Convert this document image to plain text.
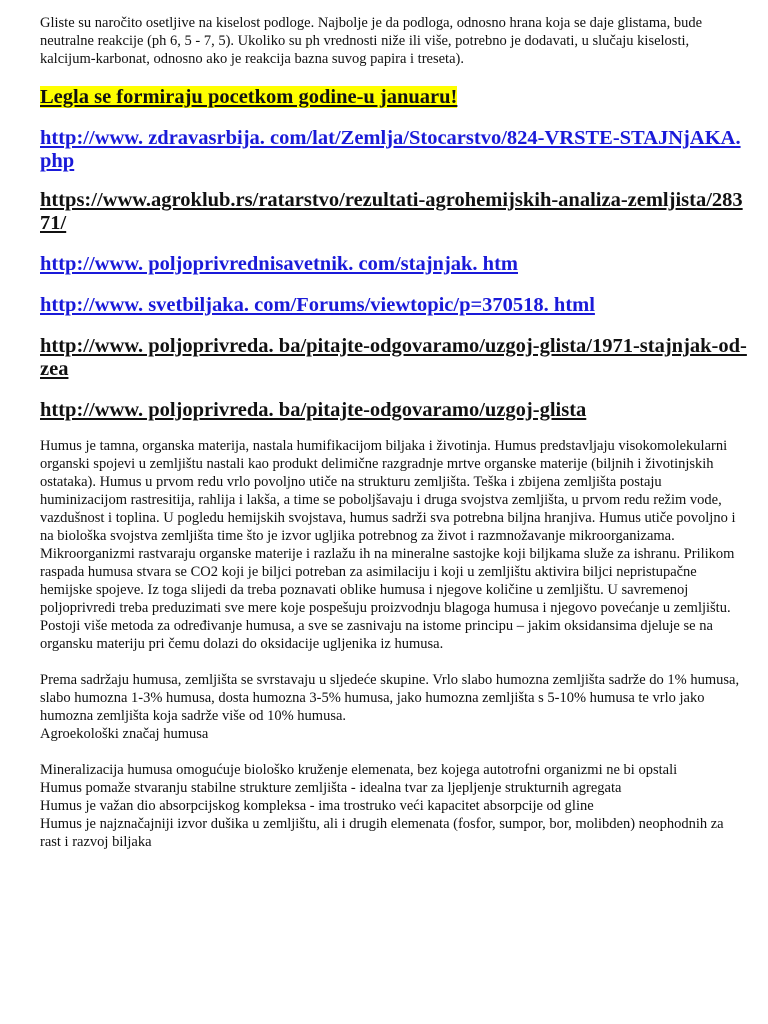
Gliste su naročito osetljive na kiselost podloge. Najbolje je da podloga, odnosno hrana koja se daje glistama, bude neutralne reakcije (ph 6, 5 - 7, 5). Ukoliko su ph vrednosti niže ili više, potrebno je dodavati, u slučaju kiselosti, kalcijum-karbonat, odnosno ako je reakcija bazna suvog papira i treseta).

Legla se formiraju pocetkom godine-u januaru!
http://www. zdravasrbija. com/lat/Zemlja/Stocarstvo/824-VRSTE-STAJNjAKA. php
https://www.agroklub.rs/ratarstvo/rezultati-agrohemijskih-analiza-zemljista/28371/
http://www. poljoprivrednisavetnik. com/stajnjak. htm
http://www. svetbiljaka. com/Forums/viewtopic/p=370518. html
http://www. poljoprivreda. ba/pitajte-odgovaramo/uzgoj-glista/1971-stajnjak-od-zea
http://www. poljoprivreda. ba/pitajte-odgovaramo/uzgoj-glista

Humus je tamna, organska materija, nastala humifikacijom biljaka i životinja. Humus predstavljaju visokomolekularni organski spojevi u zemljištu nastali kao produkt delimične razgradnje mrtve organske materije (biljnih i životinjskih ostataka). Humus u prvom redu vrlo povoljno utiče na strukturu zemljišta. Teška i zbijena zemljišta postaju huminizacijom rastresitija, rahlija i lakša, a time se poboljšavaju i druga svojstva zemljišta, u prvom redu režim vode, vazdušnost i toplina. U pogledu hemijskih svojstava, humus sadrži sva potrebna biljna hranjiva. Humus utiče povoljno i na biološka svojstva zemljišta time što je izvor ugljika potrebnog za život i razmnožavanje mikroorganizama. Mikroorganizmi rastvaraju organske materije i razlažu ih na mineralne sastojke koji biljkama služe za ishranu. Prilikom raspada humusa stvara se CO2 koji je biljci potreban za asimilaciju i koji u zemljištu aktivira biljci nepristupačne hemijske spojeve. Iz toga slijedi da treba poznavati oblike humusa i njegove količine u zemljištu. U savremenoj poljoprivredi treba preduzimati sve mere koje pospešuju proizvodnju blagoga humusa i njegovo povećanje u zemljištu. Postoji više metoda za određivanje humusa, a sve se zasnivaju na istome principu – jakim oksidansima djeluje se na organsku materiju pri čemu dolazi do oksidacije ugljenika iz humusa.

Prema sadržaju humusa, zemljišta se svrstavaju u sljedeće skupine. Vrlo slabo humozna zemljišta sadrže do 1% humusa, slabo humozna 1-3% humusa, dosta humozna 3-5% humusa, jako humozna zemljišta s 5-10% humusa te vrlo jako humozna zemljišta koja sadrže više od 10% humusa.

Agroekološki značaj humusa
Mineralizacija humusa omogućuje biološko kruženje elemenata, bez kojega autotrofni organizmi ne bi opstali
Humus pomaže stvaranju stabilne strukture zemljišta - idealna tvar za ljepljenje strukturnih agregata
Humus je važan dio absorpcijskog kompleksa - ima trostruko veći kapacitet absorpcije od gline
Humus je najznačajniji izvor dušika u zemljištu, ali i drugih elemenata (fosfor, sumpor, bor, molibden) neophodnih za rast i razvoj biljaka
